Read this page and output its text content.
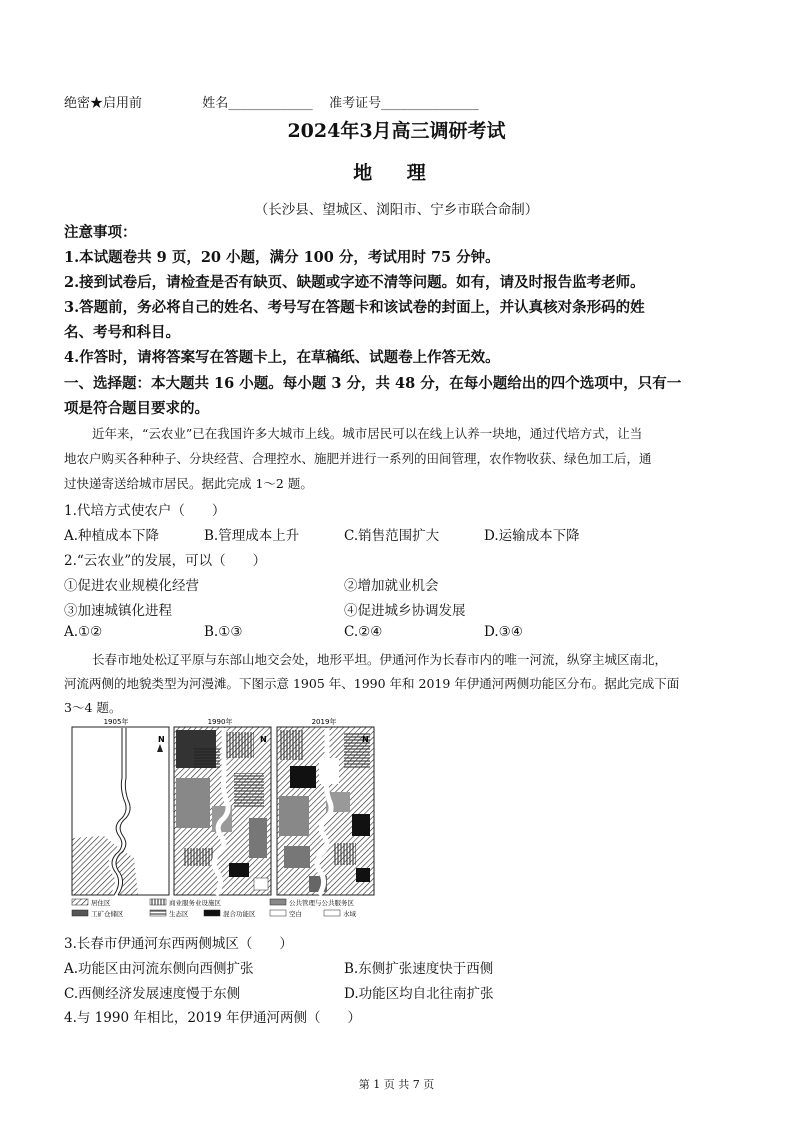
绝密★启用前	姓名_____________ 准考证号_______________
2024年3月高三调研考试
地 理
（长沙县、望城区、浏阳市、宁乡市联合命制）
注意事项：
1.本试题卷共 9 页，20 小题，满分 100 分，考试用时 75 分钟。
2.接到试卷后，请检查是否有缺页、缺题或字迹不清等问题。如有，请及时报告监考老师。
3.答题前，务必将自己的姓名、考号写在答题卡和该试卷的封面上，并认真核对条形码的姓
名、考号和科目。
4.作答时，请将答案写在答题卡上，在草稿纸、试题卷上作答无效。
一、选择题：本大题共 16 小题。每小题 3 分，共 48 分，在每小题给出的四个选项中，只有一
项是符合题目要求的。
近年来，“云农业”已在我国许多大城市上线。城市居民可以在线上认养一块地，通过代培方式，让当
地农户购买各种种子、分块经营、合理控水、施肥并进行一系列的田间管理，农作物收获、绿色加工后，通
过快递寄送给城市居民。据此完成 1～2 题。
1.代培方式使农户（　　）
A.种植成本下降	B.管理成本上升	C.销售范围扩大	D.运输成本下降
2.“云农业”的发展，可以（　　）
①促进农业规模化经营	②增加就业机会
③加速城镇化进程	④促进城乡协调发展
A.①②	B.①③	C.②④	D.③④
长春市地处松辽平原与东部山地交会处，地形平坦。伊通河作为长春市内的唯一河流，纵穿主城区南北，
河流两侧的地貌类型为河漫滩。下图示意 1905 年、1990 年和 2019 年伊通河两侧功能区分布。据此完成下面
3～4 题。
1905年	1990年	2019年
N	N	N
居住区	商业服务业设施区	公共管理与公共服务区
工矿仓储区	生态区	混合功能区	空白	水域
3.长春市伊通河东西两侧城区（　　）
A.功能区由河流东侧向西侧扩张	B.东侧扩张速度快于西侧
C.西侧经济发展速度慢于东侧	D.功能区均自北往南扩张
4.与 1990 年相比，2019 年伊通河两侧（　　）
第 1 页 共 7 页
